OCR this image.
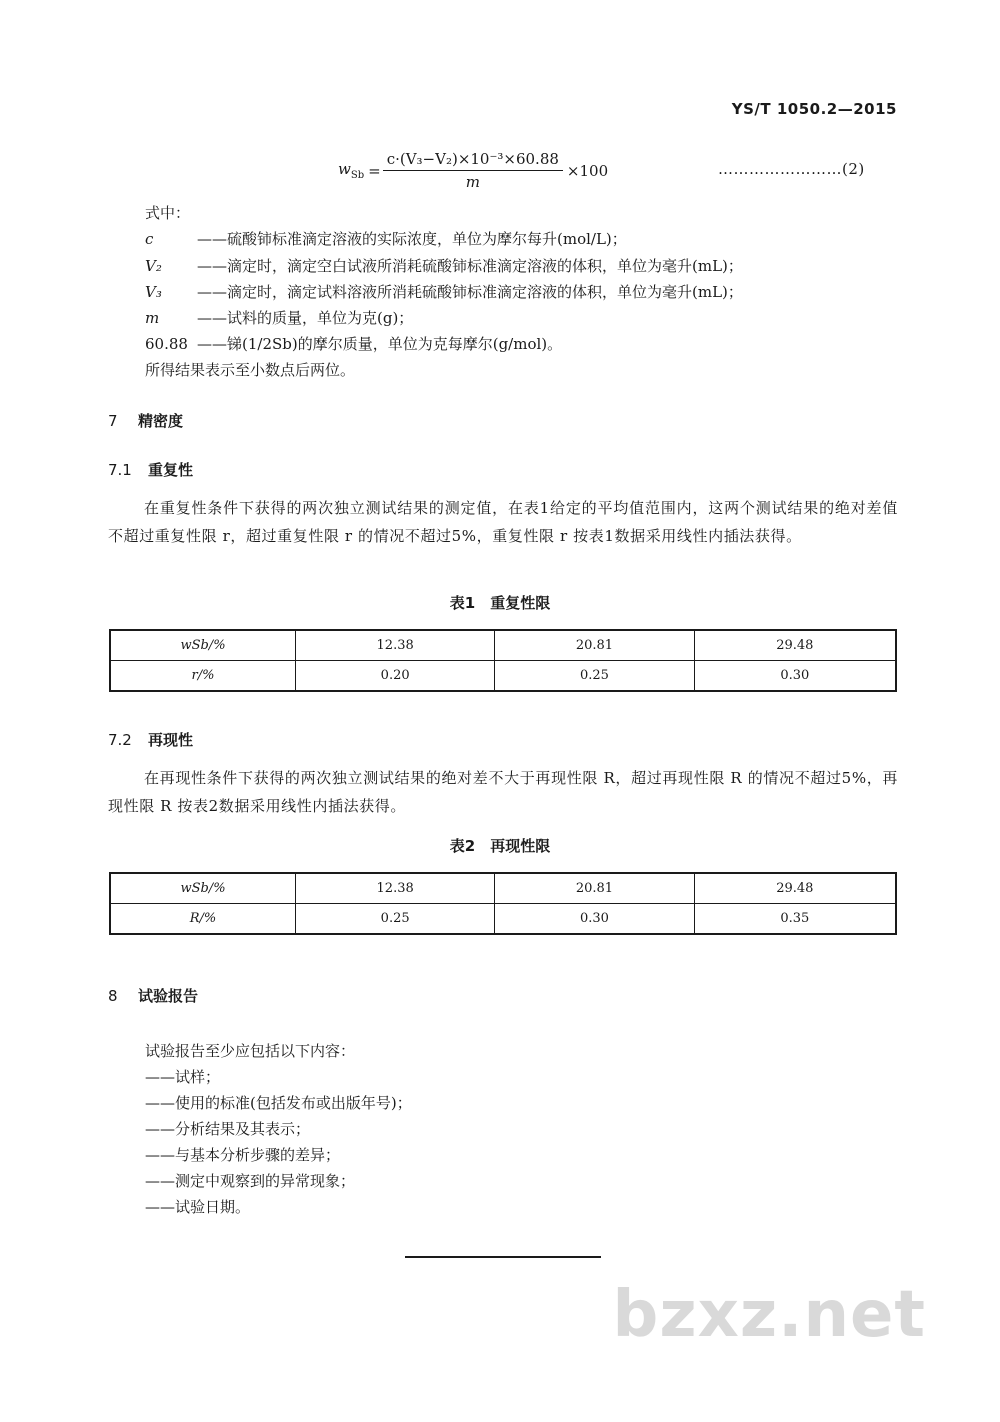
YS/T 1050.2—2015
$w_{Sb} = \frac{\text{c·(V₃−V₂)×10⁻³×60.88}}{m} \times 100$	……………………(2)
式中：
c	——硫酸铈标准滴定溶液的实际浓度，单位为摩尔每升(mol/L)；
V₂ ——滴定时，滴定空白试液所消耗硫酸铈标准滴定溶液的体积，单位为毫升(mL)；
V₃ ——滴定时，滴定试料溶液所消耗硫酸铈标准滴定溶液的体积，单位为毫升(mL)；
m	——试料的质量，单位为克(g)；
60.88 ——锑(1/2Sb)的摩尔质量，单位为克每摩尔(g/mol)。
所得结果表示至小数点后两位。
7 精密度
7.1 重复性
在重复性条件下获得的两次独立测试结果的测定值，在表1给定的平均值范围内，这两个测试结果的绝对差值不超过重复性限 r，超过重复性限 r 的情况不超过5%，重复性限 r 按表1数据采用线性内插法获得。
表1　重复性限
wSb/%	12.38	20.81	29.48
r/%	0.20	0.25	0.30
7.2 再现性
在再现性条件下获得的两次独立测试结果的绝对差不大于再现性限 R，超过再现性限 R 的情况不超过5%，再现性限 R 按表2数据采用线性内插法获得。
表2　再现性限
wSb/%	12.38	20.81	29.48
R/%	0.25	0.30	0.35
8 试验报告
试验报告至少应包括以下内容：
——试样；
——使用的标准(包括发布或出版年号)；
——分析结果及其表示；
——与基本分析步骤的差异；
——测定中观察到的异常现象；
——试验日期。
bzxz.net
